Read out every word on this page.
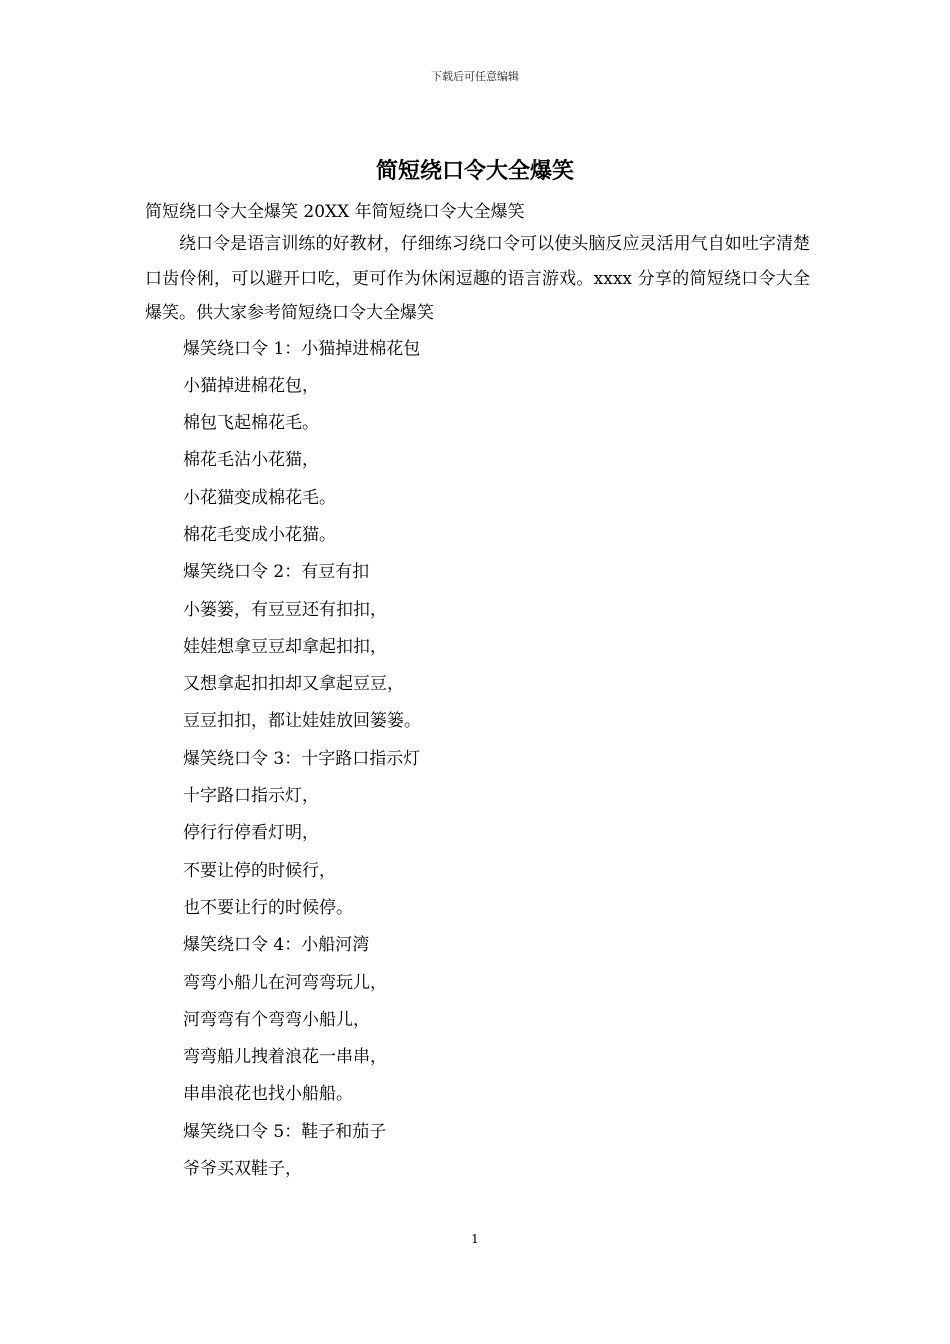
下载后可任意编辑
简短绕口令大全爆笑

简短绕口令大全爆笑 20XX 年简短绕口令大全爆笑

绕口令是语言训练的好教材，仔细练习绕口令可以使头脑反应灵活用气自如吐字清楚口齿伶俐，可以避开口吃，更可作为休闲逗趣的语言游戏。xxxx 分享的简短绕口令大全爆笑。供大家参考简短绕口令大全爆笑

爆笑绕口令 1：小猫掉进棉花包
小猫掉进棉花包，
棉包飞起棉花毛。
棉花毛沾小花猫，
小花猫变成棉花毛。
棉花毛变成小花猫。
爆笑绕口令 2：有豆有扣
小篓篓，有豆豆还有扣扣，
娃娃想拿豆豆却拿起扣扣，
又想拿起扣扣却又拿起豆豆，
豆豆扣扣，都让娃娃放回篓篓。
爆笑绕口令 3：十字路口指示灯
十字路口指示灯，
停行行停看灯明，
不要让停的时候行，
也不要让行的时候停。
爆笑绕口令 4：小船河湾
弯弯小船儿在河弯弯玩儿，
河弯弯有个弯弯小船儿，
弯弯船儿拽着浪花一串串，
串串浪花也找小船船。
爆笑绕口令 5：鞋子和茄子
爷爷买双鞋子，
1
